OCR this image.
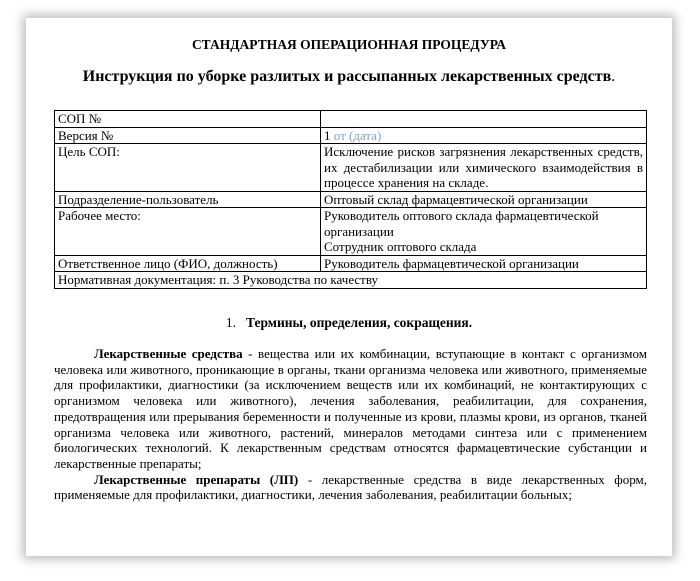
СТАНДАРТНАЯ ОПЕРАЦИОННАЯ ПРОЦЕДУРА
Инструкция по уборке разлитых и рассыпанных лекарственных средств.
СОП №	
Версия №	1 от (дата)
Цель СОП:	Исключение рисков загрязнения лекарственных средств, их дестабилизации или химического взаимодействия в процессе хранения на складе.
Подразделение-пользователь	Оптовый склад фармацевтической организации
Рабочее место:	Руководитель оптового склада фармацевтической организации
Сотрудник оптового склада

Ответственное лицо (ФИО, должность)	Руководитель фармацевтической организации
Нормативная документация: п. 3 Руководства по качеству	
1. Термины, определения, сокращения.

Лекарственные средства - вещества или их комбинации, вступающие в контакт с организмом человека или животного, проникающие в органы, ткани организма человека или животного, применяемые для профилактики, диагностики (за исключением веществ или их комбинаций, не контактирующих с организмом человека или животного), лечения заболевания, реабилитации, для сохранения, предотвращения или прерывания беременности и полученные из крови, плазмы крови, из органов, тканей организма человека или животного, растений, минералов методами синтеза или с применением биологических технологий. К лекарственным средствам относятся фармацевтические субстанции и лекарственные препараты;

Лекарственные препараты (ЛП) - лекарственные средства в виде лекарственных форм, применяемые для профилактики, диагностики, лечения заболевания, реабилитации больных;
